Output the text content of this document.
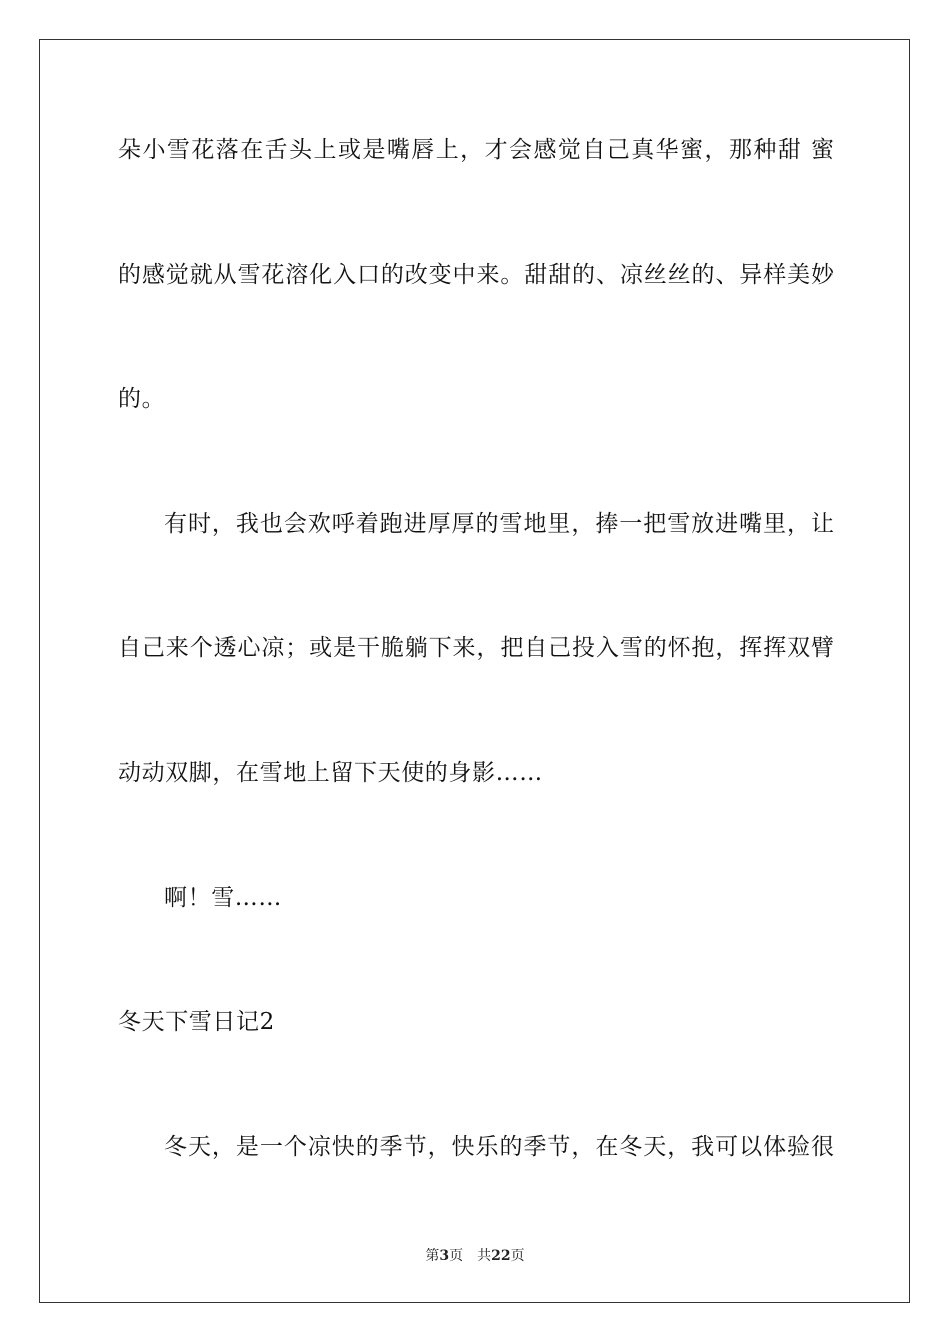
朵小雪花落在舌头上或是嘴唇上，才会感觉自己真华蜜，那种甜 蜜
的感觉就从雪花溶化入口的改变中来。甜甜的、凉丝丝的、异样美妙
的。
有时，我也会欢呼着跑进厚厚的雪地里，捧一把雪放进嘴里，让
自己来个透心凉；或是干脆躺下来，把自己投入雪的怀抱，挥挥双臂
动动双脚，在雪地上留下天使的身影……
啊！雪……
冬天下雪日记2
冬天，是一个凉快的季节，快乐的季节，在冬天，我可以体验很
第3页 共22页
